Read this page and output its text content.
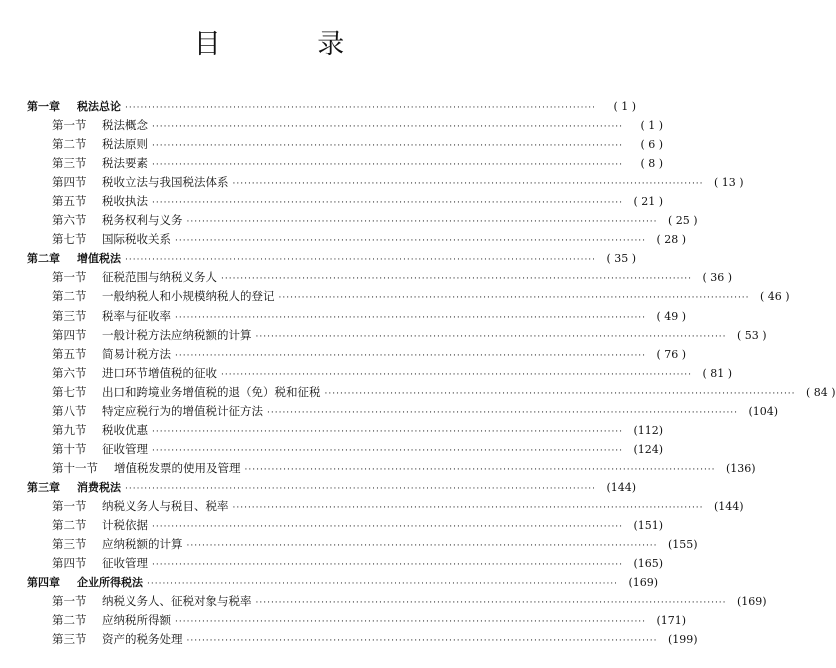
目 录
第一章	税法总论 ··························································································································	( 1 )
第一节	税法概念 ··························································································································	( 1 )
第二节	税法原则 ··························································································································	( 6 )
第三节	税法要素 ··························································································································	( 8 )
第四节	税收立法与我国税法体系 ·························································································································· ( 13 )
第五节	税收执法 ·························································································································· ( 21 )
第六节	税务权利与义务 ·························································································································· ( 25 )
第七节	国际税收关系 ·························································································································· ( 28 )
第二章	增值税法 ·························································································································· ( 35 )
第一节	征税范围与纳税义务人 ·························································································································· ( 36 )
第二节	一般纳税人和小规模纳税人的登记 ·························································································································· ( 46 )
第三节	税率与征收率 ·························································································································· ( 49 )
第四节	一般计税方法应纳税额的计算 ·························································································································· ( 53 )
第五节	简易计税方法 ·························································································································· ( 76 )
第六节	进口环节增值税的征收 ·························································································································· ( 81 )
第七节	出口和跨境业务增值税的退（免）税和征税 ·························································································································· ( 84 )
第八节	特定应税行为的增值税计征方法 ·························································································································· (104)
第九节	税收优惠 ·························································································································· (112)
第十节	征收管理 ·························································································································· (124)
第十一节	增值税发票的使用及管理 ·························································································································· (136)
第三章	消费税法 ·························································································································· (144)
第一节	纳税义务人与税目、税率 ·························································································································· (144)
第二节	计税依据 ·························································································································· (151)
第三节	应纳税额的计算 ·························································································································· (155)
第四节	征收管理 ·························································································································· (165)
第四章	企业所得税法 ·························································································································· (169)
第一节	纳税义务人、征税对象与税率 ·························································································································· (169)
第二节	应纳税所得额 ·························································································································· (171)
第三节	资产的税务处理 ·························································································································· (199)
